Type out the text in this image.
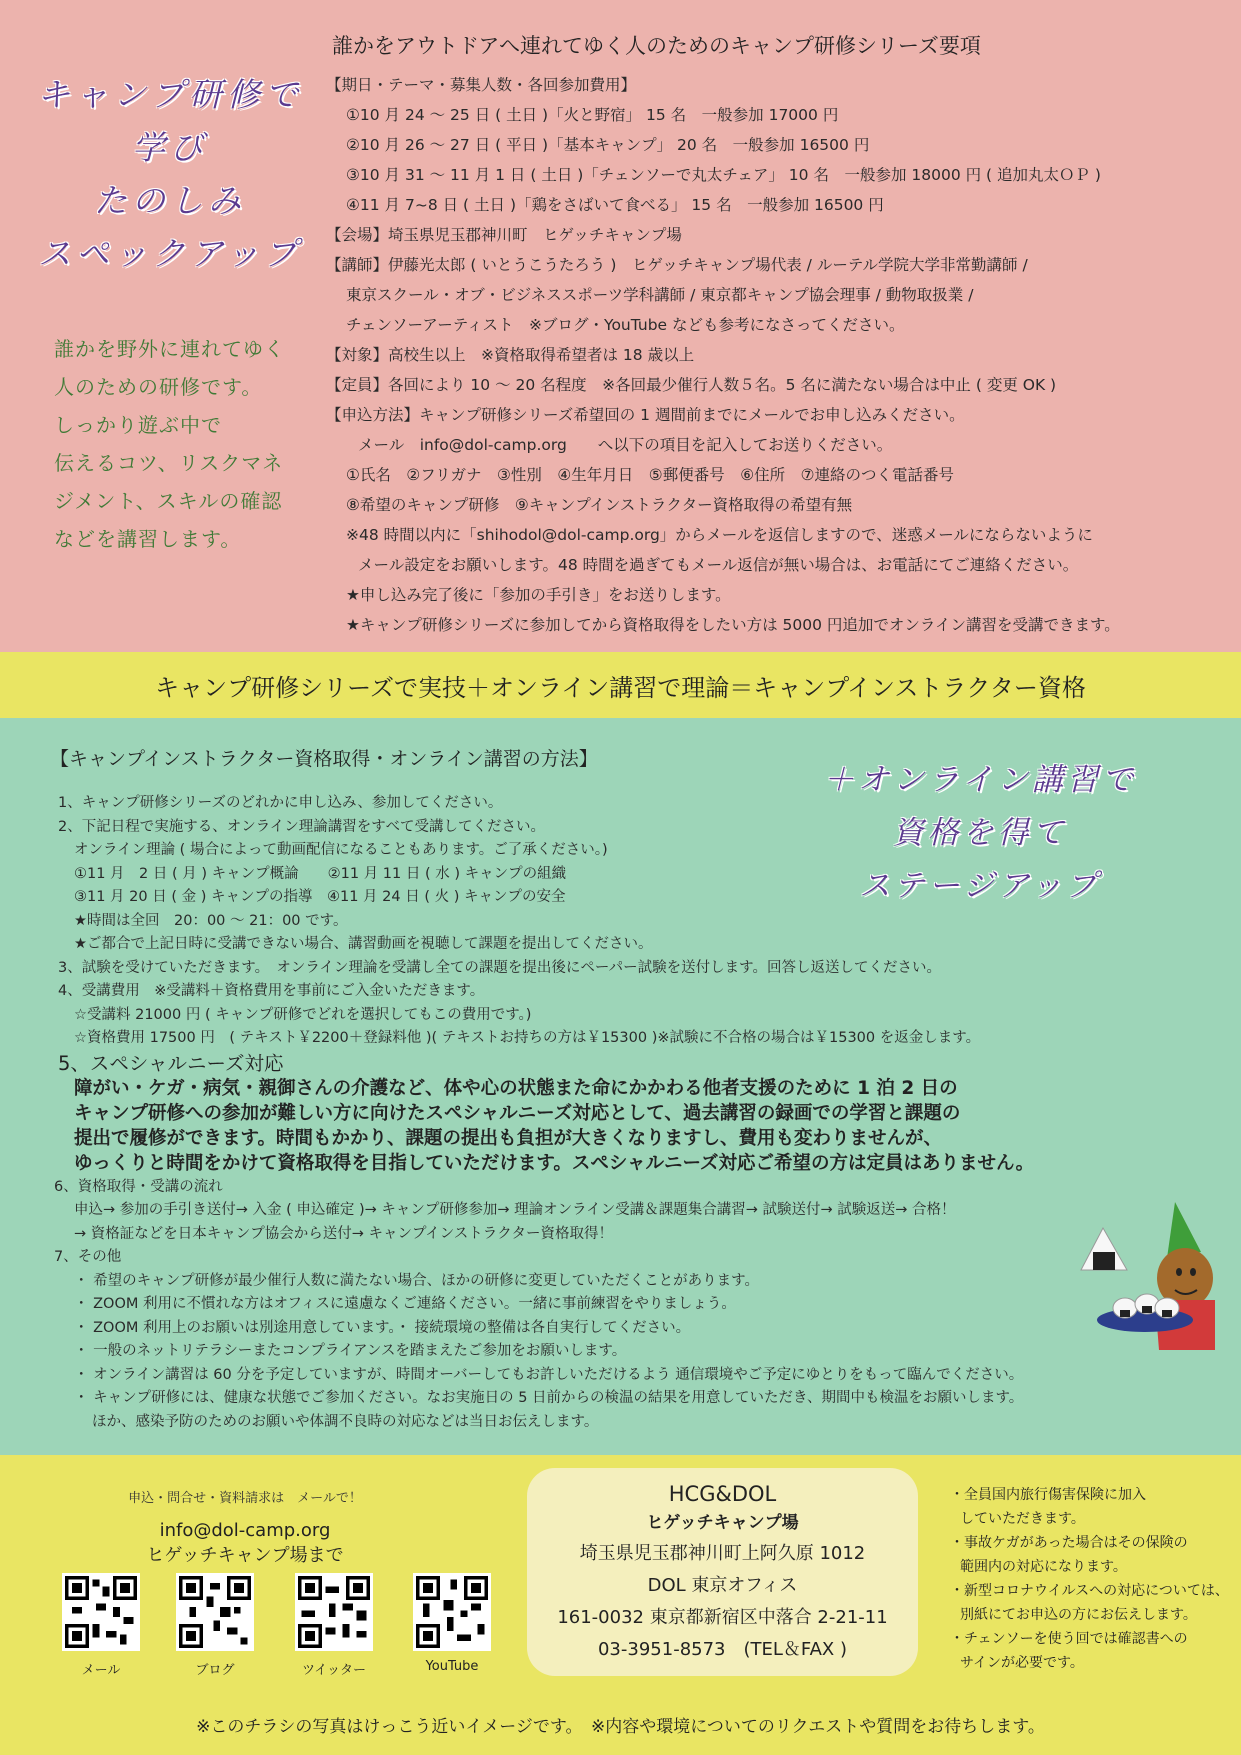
キャンプ研修で
学び
たのしみ
スペックアップ
誰かを野外に連れてゆく
人のための研修です。
しっかり遊ぶ中で
伝えるコツ、リスクマネ
ジメント、スキルの確認
などを講習します。
誰かをアウトドアへ連れてゆく人のためのキャンプ研修シリーズ要項
【期日・テーマ・募集人数・各回参加費用】
①10 月 24 ～ 25 日 ( 土日 )「火と野宿」 15 名　一般参加 17000 円
②10 月 26 ～ 27 日 ( 平日 )「基本キャンプ」 20 名　一般参加 16500 円
③10 月 31 ～ 11 月 1 日 ( 土日 )「チェンソーで丸太チェア」 10 名　一般参加 18000 円 ( 追加丸太ＯＰ )
④11 月 7~8 日 ( 土日 )「鶏をさばいて食べる」 15 名　一般参加 16500 円
【会場】埼玉県児玉郡神川町　ヒゲッチキャンプ場
【講師】伊藤光太郎 ( いとうこうたろう )　ヒゲッチキャンプ場代表 / ルーテル学院大学非常勤講師 /
東京スクール・オブ・ビジネススポーツ学科講師 / 東京都キャンプ協会理事 / 動物取扱業 /
チェンソーアーティスト　※ブログ・YouTube なども参考になさってください。
【対象】高校生以上　※資格取得希望者は 18 歳以上
【定員】各回により 10 ～ 20 名程度　※各回最少催行人数５名。5 名に満たない場合は中止 ( 変更 OK )
【申込方法】キャンプ研修シリーズ希望回の 1 週間前までにメールでお申し込みください。
メール　info@dol-camp.org　　へ以下の項目を記入してお送りください。
①氏名　②フリガナ　③性別　④生年月日　⑤郵便番号　⑥住所　⑦連絡のつく電話番号
⑧希望のキャンプ研修　⑨キャンプインストラクター資格取得の希望有無
※48 時間以内に「shihodol@dol-camp.org」からメールを返信しますので、迷惑メールにならないように
メール設定をお願いします。48 時間を過ぎてもメール返信が無い場合は、お電話にてご連絡ください。
★申し込み完了後に「参加の手引き」をお送りします。
★キャンプ研修シリーズに参加してから資格取得をしたい方は 5000 円追加でオンライン講習を受講できます。
キャンプ研修シリーズで実技＋オンライン講習で理論＝キャンプインストラクター資格
【キャンプインストラクター資格取得・オンライン講習の方法】
＋オンライン講習で
資格を得て
ステージアップ
1、キャンプ研修シリーズのどれかに申し込み、参加してください。
2、下記日程で実施する、オンライン理論講習をすべて受講してください。
オンライン理論 ( 場合によって動画配信になることもあります。ご了承ください。)
①11 月　2 日 ( 月 ) キャンプ概論　　②11 月 11 日 ( 水 ) キャンプの組織
③11 月 20 日 ( 金 ) キャンプの指導　④11 月 24 日 ( 火 ) キャンプの安全
★時間は全回　20：00 ～ 21：00 です。
★ご都合で上記日時に受講できない場合、講習動画を視聴して課題を提出してください。
3、試験を受けていただきます。　オンライン理論を受講し全ての課題を提出後にペーパー試験を送付します。回答し返送してください。
4、受講費用　※受講料＋資格費用を事前にご入金いただきます。
☆受講料 21000 円 ( キャンプ研修でどれを選択してもこの費用です。)
☆資格費用 17500 円　( テキスト￥2200＋登録料他 )( テキストお持ちの方は￥15300 )※試験に不合格の場合は￥15300 を返金します。
5、スペシャルニーズ対応
障がい・ケガ・病気・親御さんの介護など、体や心の状態また命にかかわる他者支援のために 1 泊 2 日の
キャンプ研修への参加が難しい方に向けたスペシャルニーズ対応として、過去講習の録画での学習と課題の
提出で履修ができます。時間もかかり、課題の提出も負担が大きくなりますし、費用も変わりませんが、
ゆっくりと時間をかけて資格取得を目指していただけます。スペシャルニーズ対応ご希望の方は定員はありません。
6、資格取得・受講の流れ
申込→ 参加の手引き送付→ 入金 ( 申込確定 )→ キャンプ研修参加→ 理論オンライン受講＆課題集合講習→ 試験送付→ 試験返送→ 合格！
→ 資格証などを日本キャンプ協会から送付→ キャンプインストラクター資格取得！
7、その他
・ 希望のキャンプ研修が最少催行人数に満たない場合、ほかの研修に変更していただくことがあります。
・ ZOOM 利用に不慣れな方はオフィスに遠慮なくご連絡ください。一緒に事前練習をやりましょう。
・ ZOOM 利用上のお願いは別途用意しています。・ 接続環境の整備は各自実行してください。
・ 一般のネットリテラシーまたコンプライアンスを踏まえたご参加をお願いします。
・ オンライン講習は 60 分を予定していますが、時間オーバーしてもお許しいただけるよう 通信環境やご予定にゆとりをもって臨んでください。
・ キャンプ研修には、健康な状態でご参加ください。なお実施日の 5 日前からの検温の結果を用意していただき、期間中も検温をお願いします。
ほか、感染予防のためのお願いや体調不良時の対応などは当日お伝えします。
申込・問合せ・資料請求は　メールで！
info@dol-camp.org
ヒゲッチキャンプ場まで
メール	ブログ	ツイッター	YouTube
HCG&DOL
ヒゲッチキャンプ場
埼玉県児玉郡神川町上阿久原 1012
DOL 東京オフィス
161-0032 東京都新宿区中落合 2-21-11
03-3951-8573　(TEL＆FAX )
・全員国内旅行傷害保険に加入
していただきます。
・事故ケガがあった場合はその保険の
範囲内の対応になります。
・新型コロナウイルスへの対応については、
別紙にてお申込の方にお伝えします。
・チェンソーを使う回では確認書への
サインが必要です。
※このチラシの写真はけっこう近いイメージです。　※内容や環境についてのリクエストや質問をお待ちします。
